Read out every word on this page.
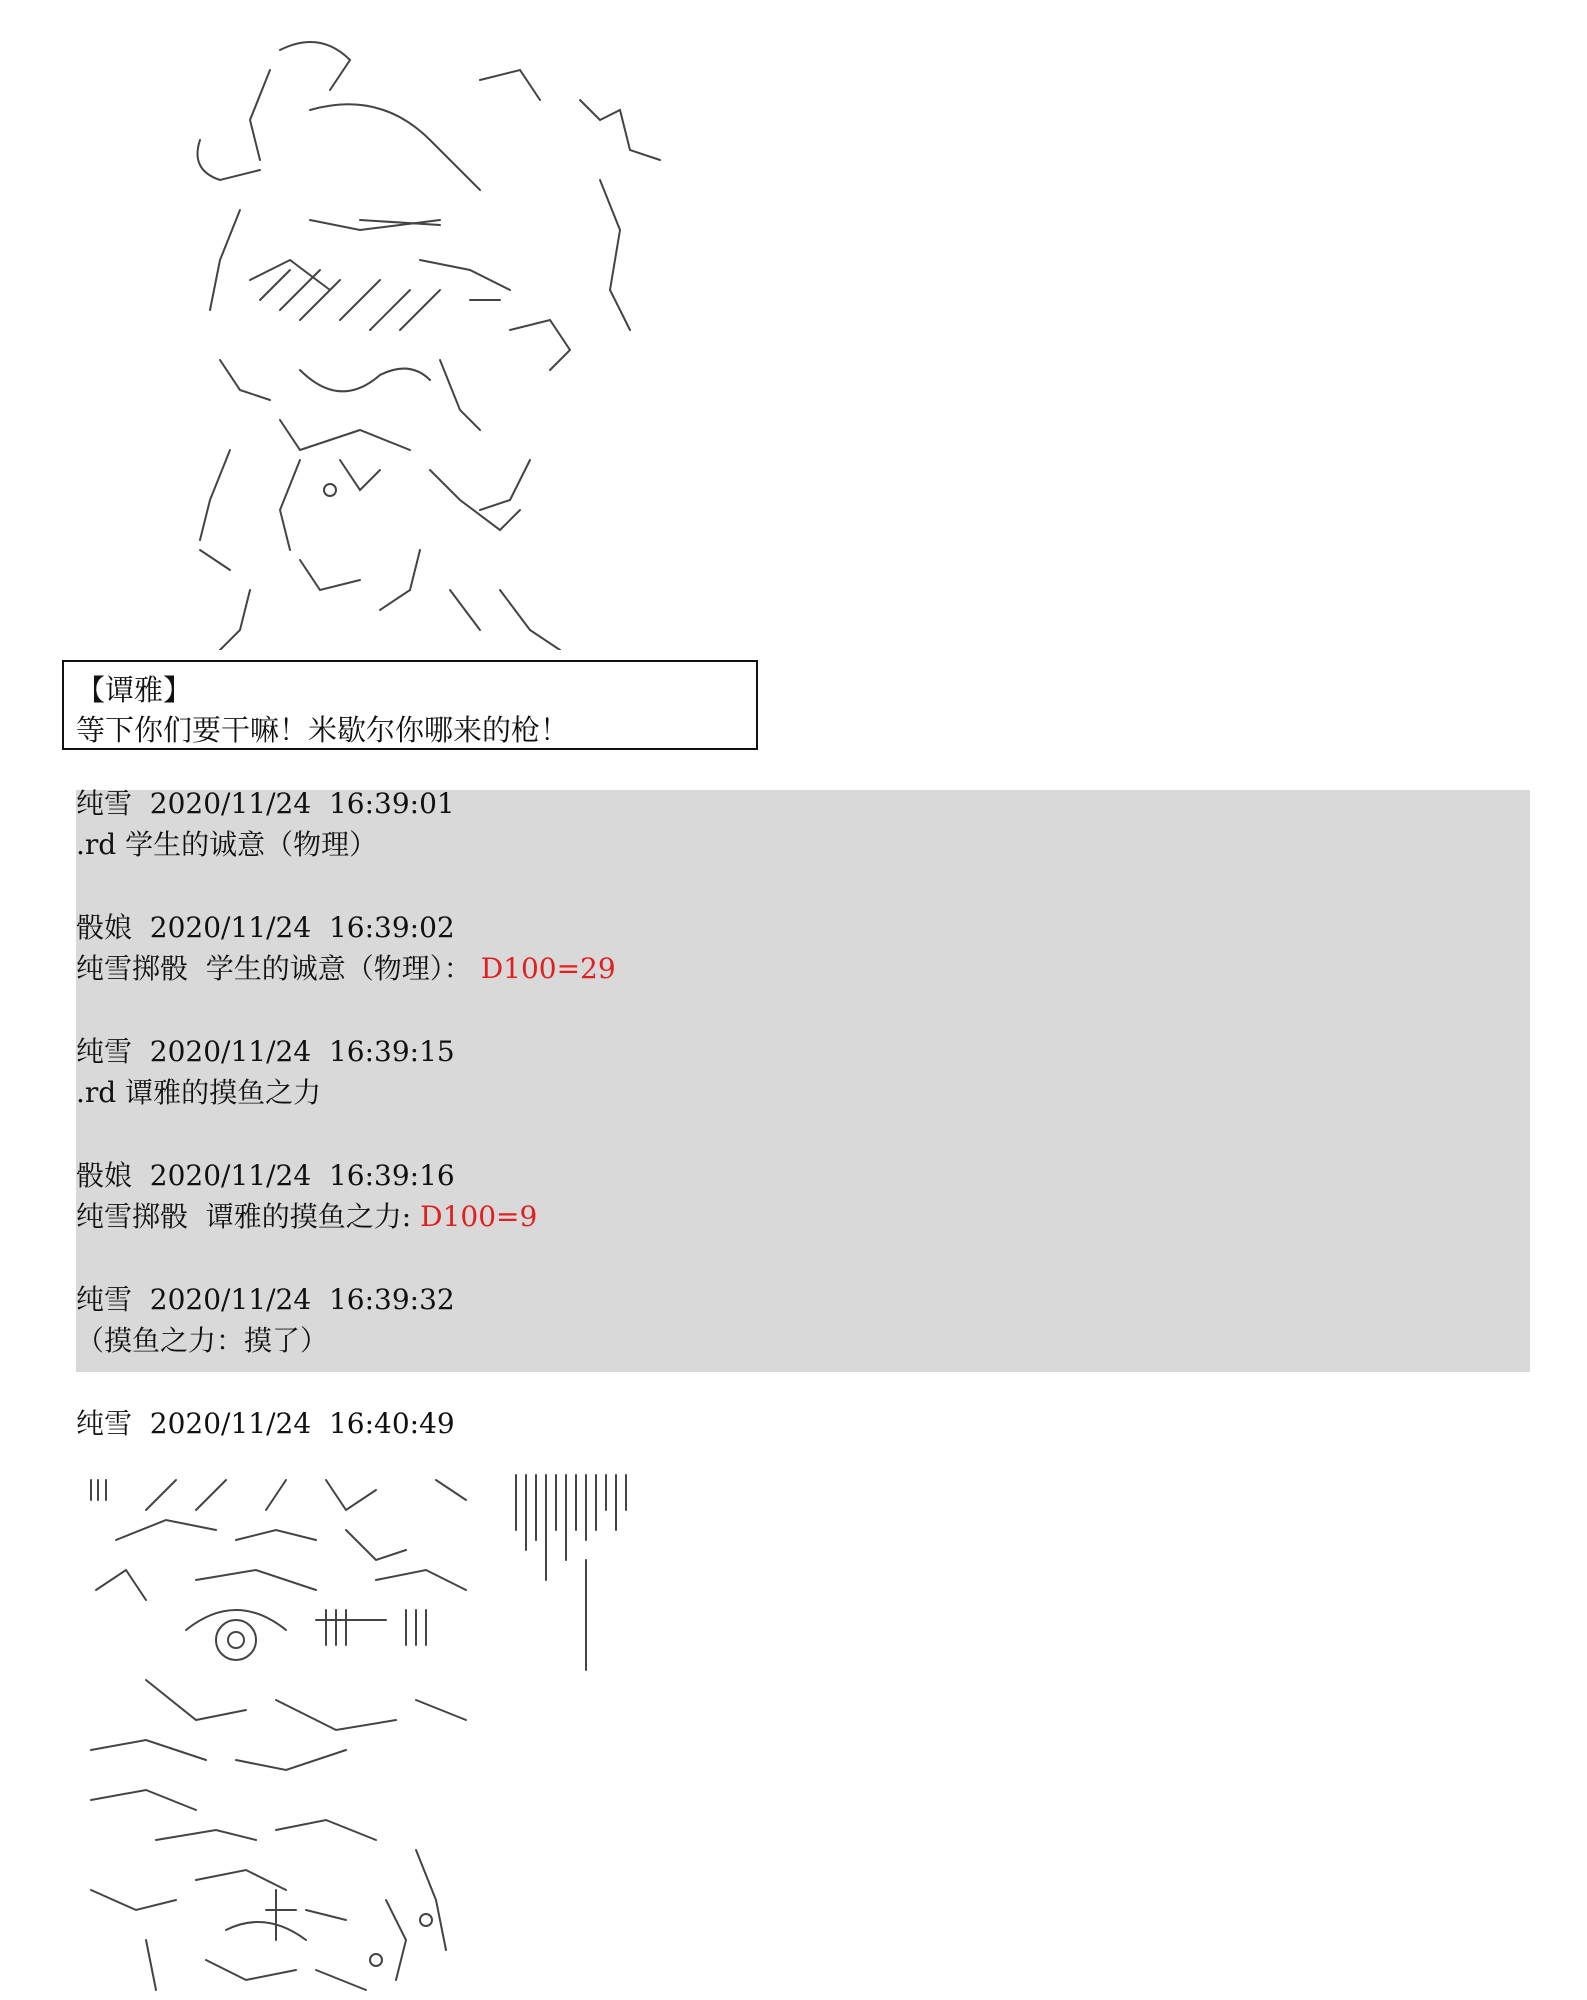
【谭雅】
等下你们要干嘛！米歇尔你哪来的枪！
纯雪  2020/11/24  16:39:01
.rd 学生的诚意（物理）
骰娘  2020/11/24  16:39:02
纯雪掷骰  学生的诚意（物理）： D100=29
纯雪  2020/11/24  16:39:15
.rd 谭雅的摸鱼之力
骰娘  2020/11/24  16:39:16
纯雪掷骰  谭雅的摸鱼之力: D100=9
纯雪  2020/11/24  16:39:32
（摸鱼之力：摸了）
纯雪  2020/11/24  16:40:49
